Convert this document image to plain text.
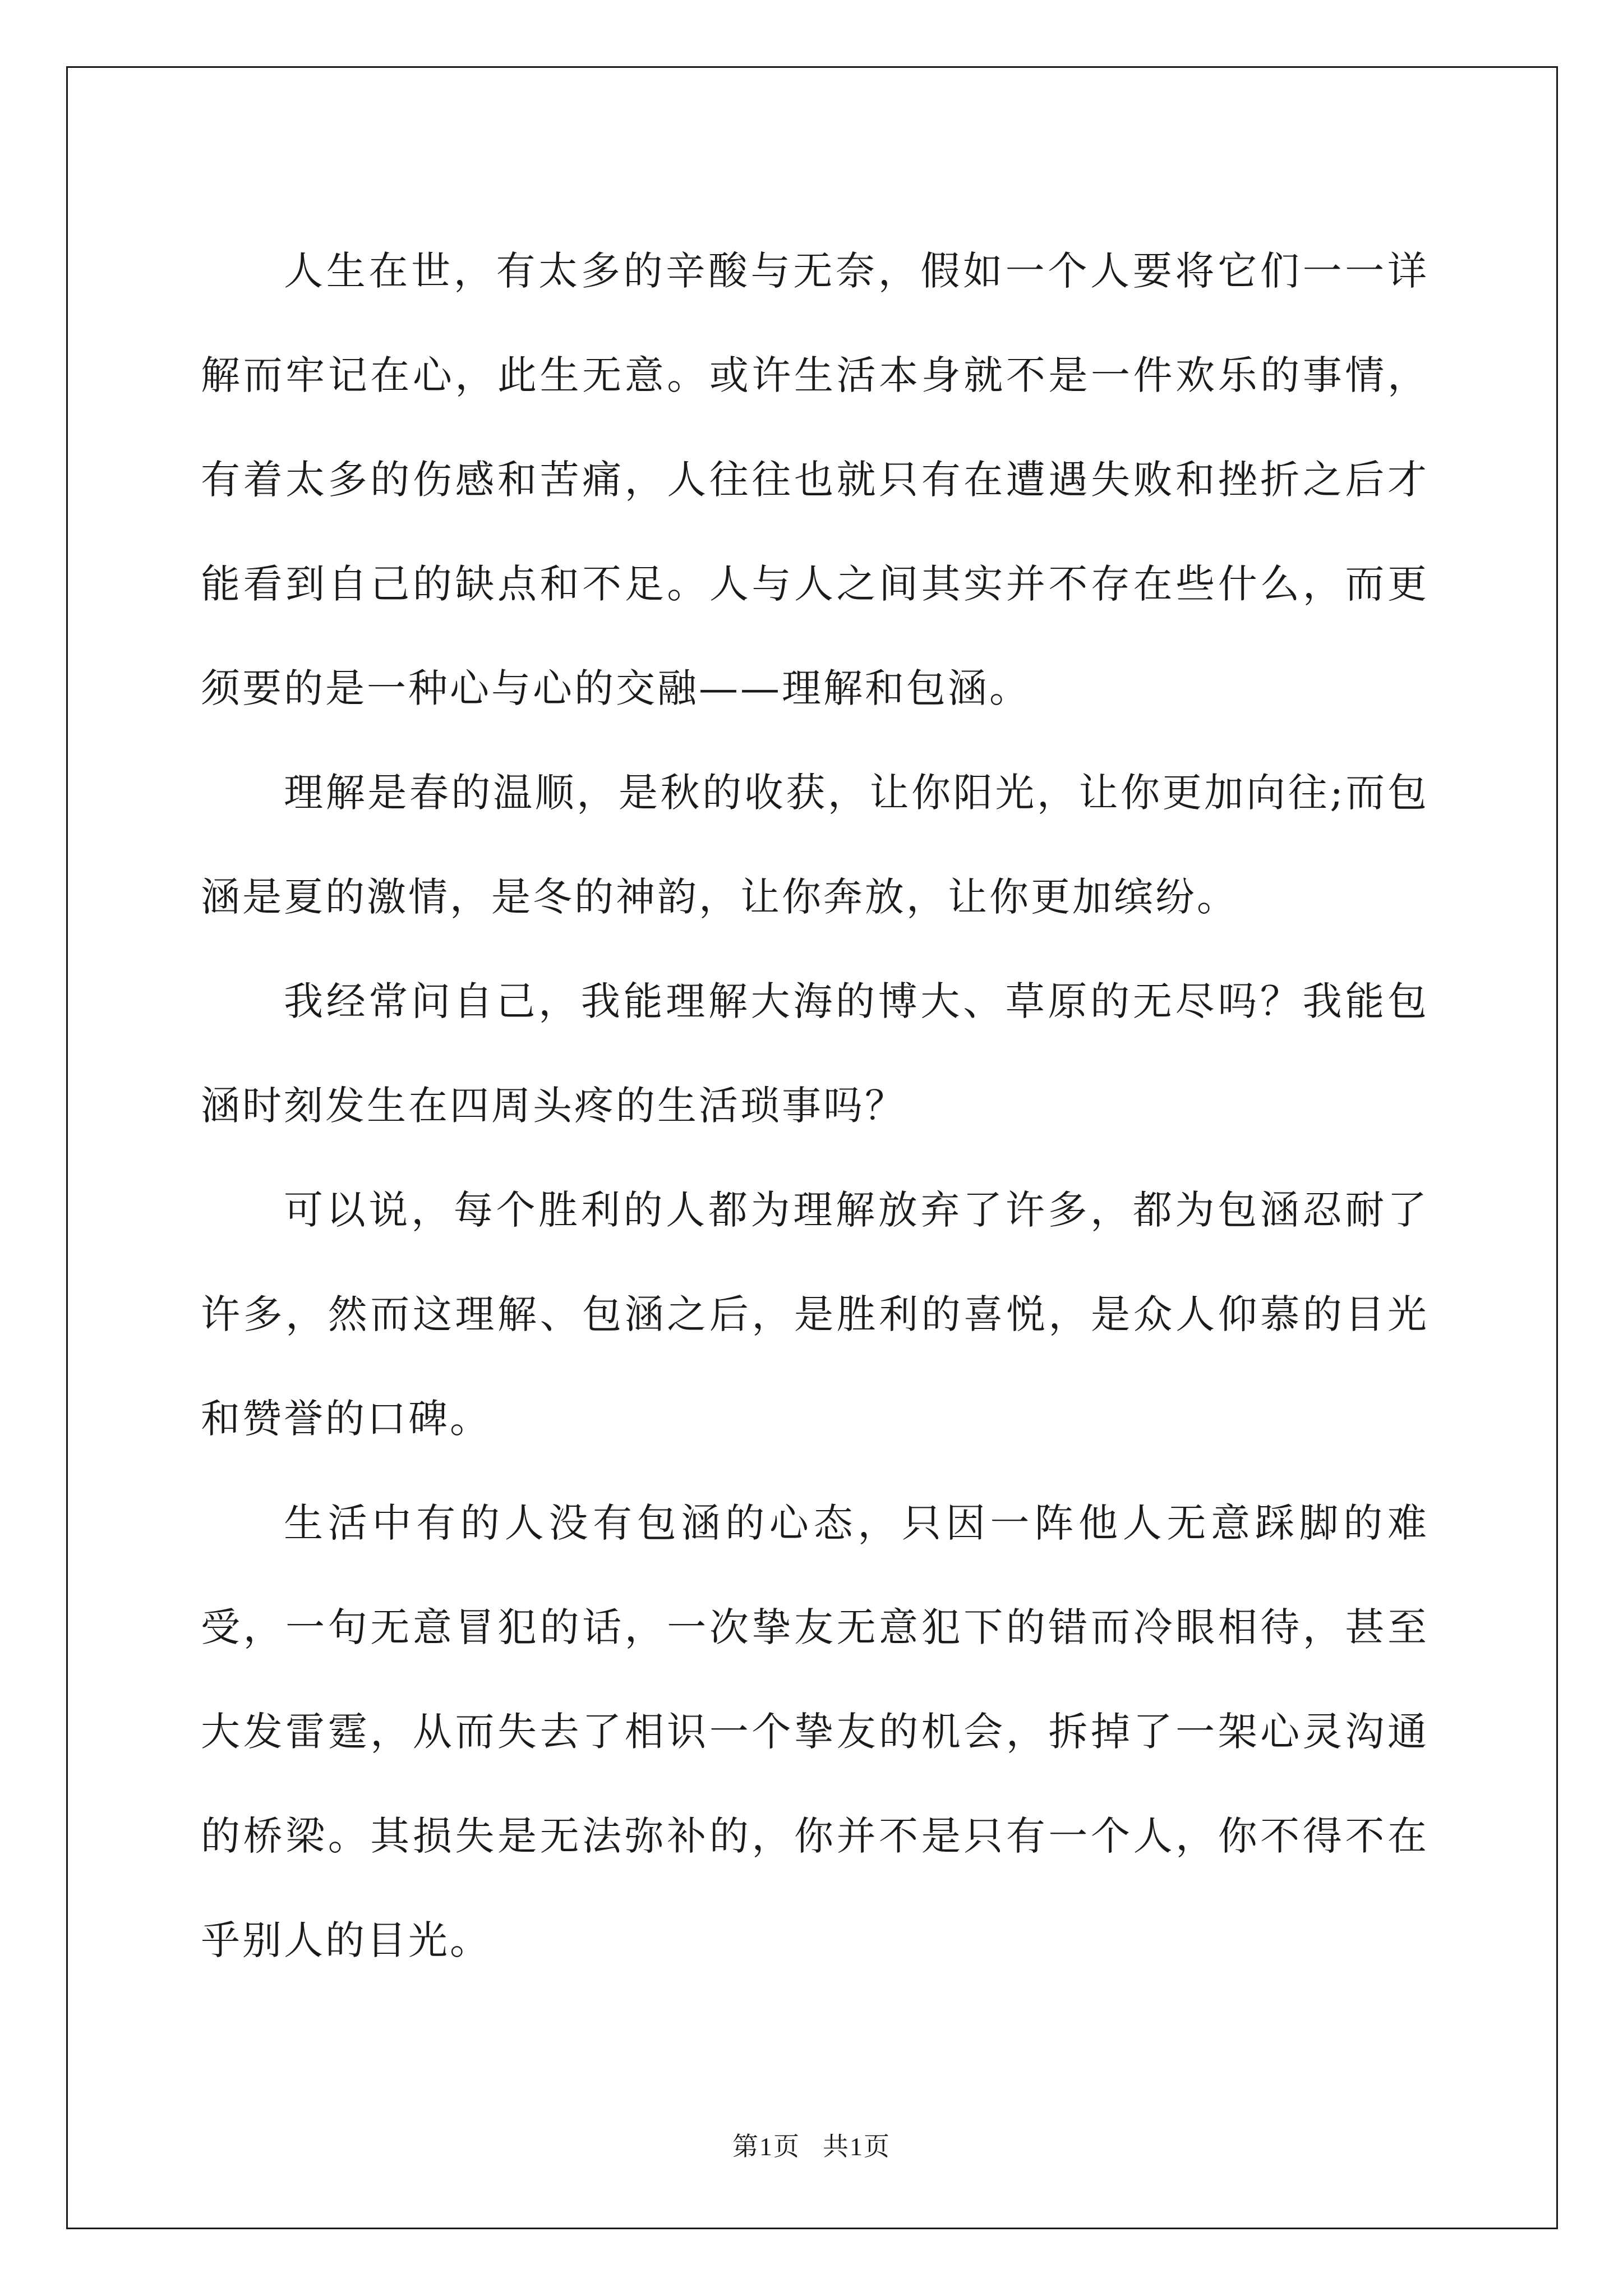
人生在世，有太多的辛酸与无奈，假如一个人要将它们一一详解而牢记在心，此生无意。或许生活本身就不是一件欢乐的事情，有着太多的伤感和苦痛，人往往也就只有在遭遇失败和挫折之后才能看到自己的缺点和不足。人与人之间其实并不存在些什么，而更须要的是一种心与心的交融——理解和包涵。

理解是春的温顺，是秋的收获，让你阳光，让你更加向往;而包涵是夏的激情，是冬的神韵，让你奔放，让你更加缤纷。

我经常问自己，我能理解大海的博大、草原的无尽吗？我能包涵时刻发生在四周头疼的生活琐事吗？

可以说，每个胜利的人都为理解放弃了许多，都为包涵忍耐了许多，然而这理解、包涵之后，是胜利的喜悦，是众人仰慕的目光和赞誉的口碑。

生活中有的人没有包涵的心态，只因一阵他人无意踩脚的难受，一句无意冒犯的话，一次挚友无意犯下的错而冷眼相待，甚至大发雷霆，从而失去了相识一个挚友的机会，拆掉了一架心灵沟通的桥梁。其损失是无法弥补的，你并不是只有一个人，你不得不在乎别人的目光。

第1页 共1页
